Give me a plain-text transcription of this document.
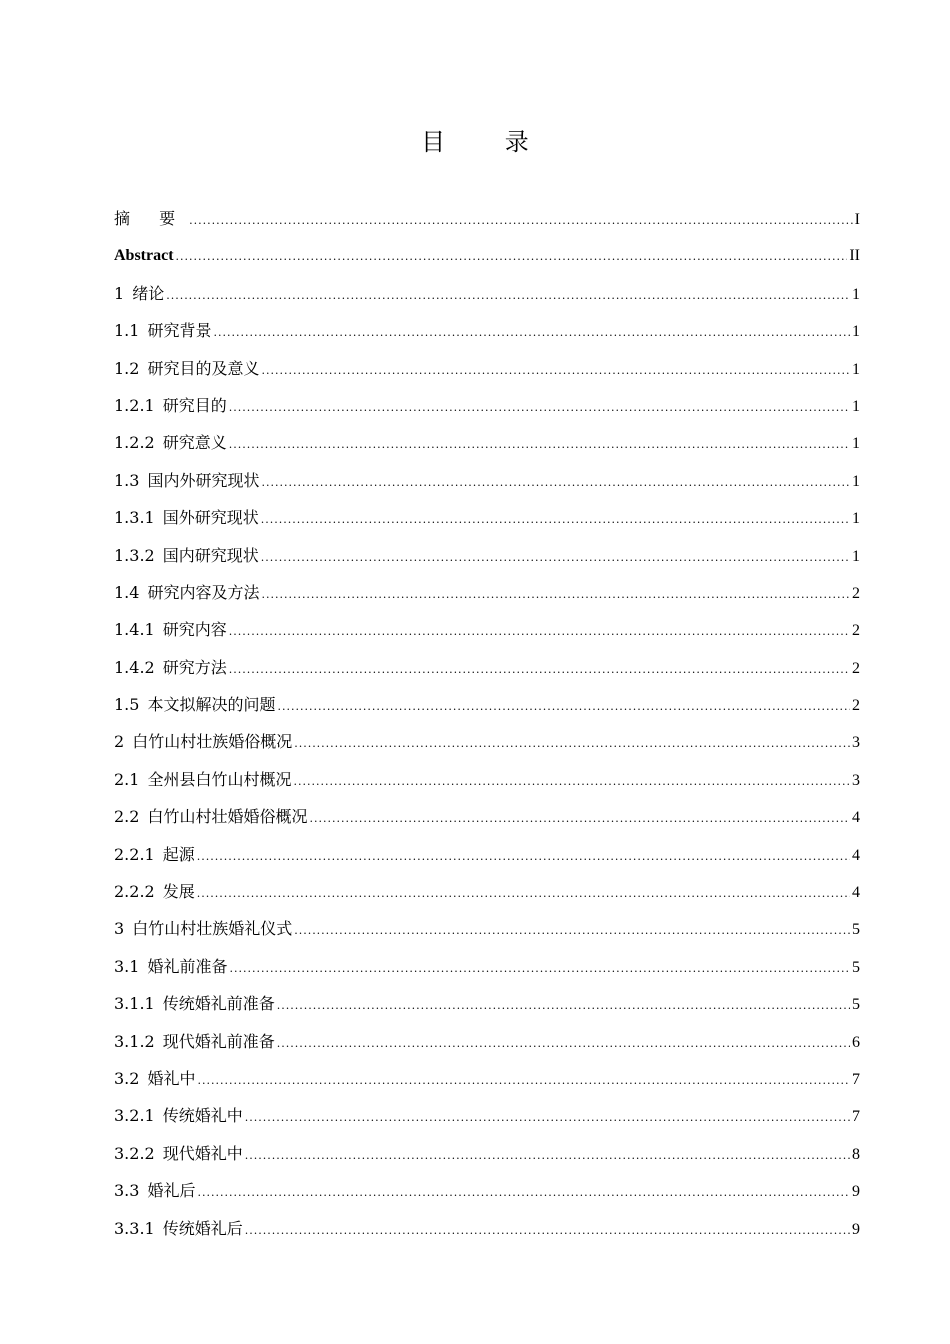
目 录
摘 要 .....	I
Abstract .....	II
1 绪论 .....	1
1.1 研究背景 .....	1
1.2 研究目的及意义 .....	1
1.2.1 研究目的 .....	1
1.2.2 研究意义 .....	1
1.3 国内外研究现状 .....	1
1.3.1 国外研究现状 .....	1
1.3.2 国内研究现状 .....	1
1.4 研究内容及方法 .....	2
1.4.1 研究内容 .....	2
1.4.2 研究方法 .....	2
1.5 本文拟解决的问题 .....	2
2 白竹山村壮族婚俗概况 .....	3
2.1 全州县白竹山村概况 .....	3
2.2 白竹山村壮婚婚俗概况 .....	4
2.2.1 起源 .....	4
2.2.2 发展 .....	4
3 白竹山村壮族婚礼仪式 .....	5
3.1 婚礼前准备 .....	5
3.1.1 传统婚礼前准备 .....	5
3.1.2 现代婚礼前准备 .....	6
3.2 婚礼中 .....	7
3.2.1 传统婚礼中 .....	7
3.2.2 现代婚礼中 .....	8
3.3 婚礼后 .....	9
3.3.1 传统婚礼后 .....	9
